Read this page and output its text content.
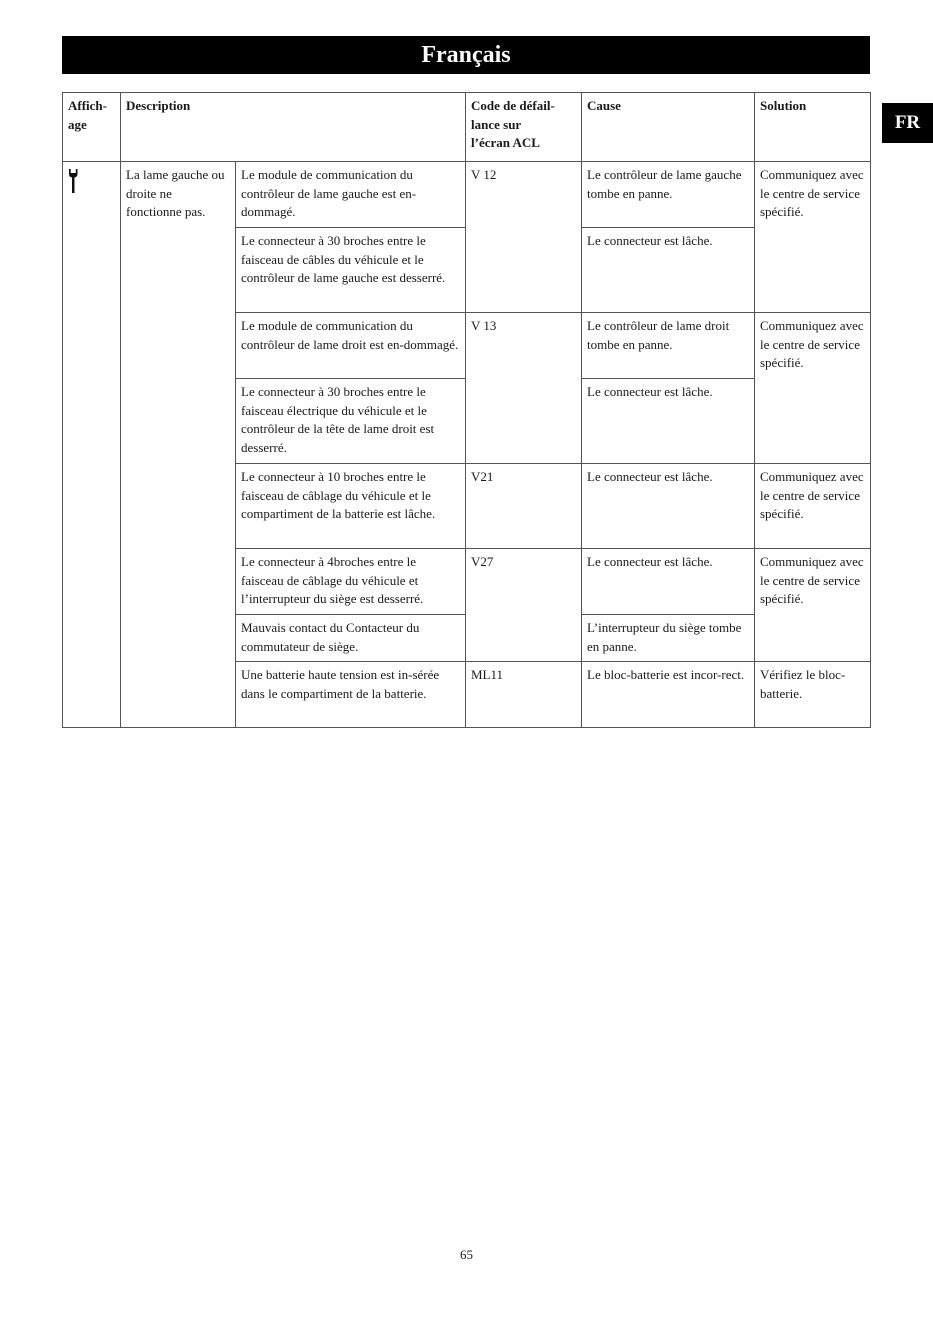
Français
FR
Affich-
age	Description		Code de défail-
lance sur
l’écran ACL	Cause	Solution
	La lame gauche ou droite ne fonctionne pas.	Le module de communication du contrôleur de lame gauche est en-dommagé.	V 12	Le contrôleur de lame gauche tombe en panne.	Communiquez avec le centre de service spécifié.
		Le connecteur à 30 broches entre le faisceau de câbles du véhicule et le contrôleur de lame gauche est desserré.		Le connecteur est lâche.	
		Le module de communication du contrôleur de lame droit est en-dommagé.	V 13	Le contrôleur de lame droit tombe en panne.	Communiquez avec le centre de service spécifié.
		Le connecteur à 30 broches entre le faisceau électrique du véhicule et le contrôleur de la tête de lame droit est desserré.		Le connecteur est lâche.	
		Le connecteur à 10 broches entre le faisceau de câblage du véhicule et le compartiment de la batterie est lâche.	V21	Le connecteur est lâche.	Communiquez avec le centre de service spécifié.
		Le connecteur à 4broches entre le faisceau de câblage du véhicule et l’interrupteur du siège est desserré.	V27	Le connecteur est lâche.	Communiquez avec le centre de service spécifié.
		Mauvais contact du Contacteur du commutateur de siège.		L’interrupteur du siège tombe en panne.	
		Une batterie haute tension est in-sérée dans le compartiment de la batterie.	ML11	Le bloc-batterie est incor-rect.	Vérifiez le bloc-batterie.
65
